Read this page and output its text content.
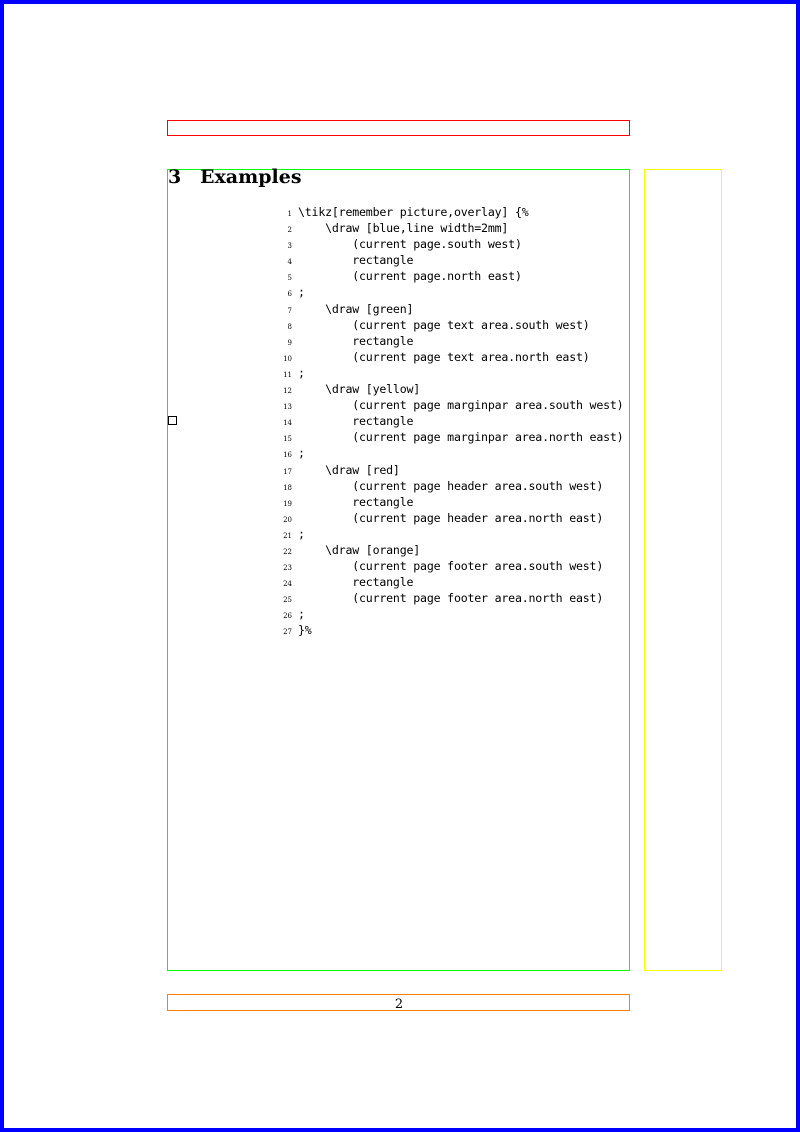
3 Examples
1 \tikz[remember picture,overlay] {%
2 \draw [blue,line width=2mm]
3 (current page.south west)
4 rectangle
5 (current page.north east)
6 ;
7 \draw [green]
8 (current page text area.south west)
9 rectangle
10 (current page text area.north east)
11 ;
12 \draw [yellow]
13 (current page marginpar area.south west)
14 rectangle
15 (current page marginpar area.north east)
16 ;
17 \draw [red]
18 (current page header area.south west)
19 rectangle
20 (current page header area.north east)
21 ;
22 \draw [orange]
23 (current page footer area.south west)
24 rectangle
25 (current page footer area.north east)
26 ;
27 }%
2
